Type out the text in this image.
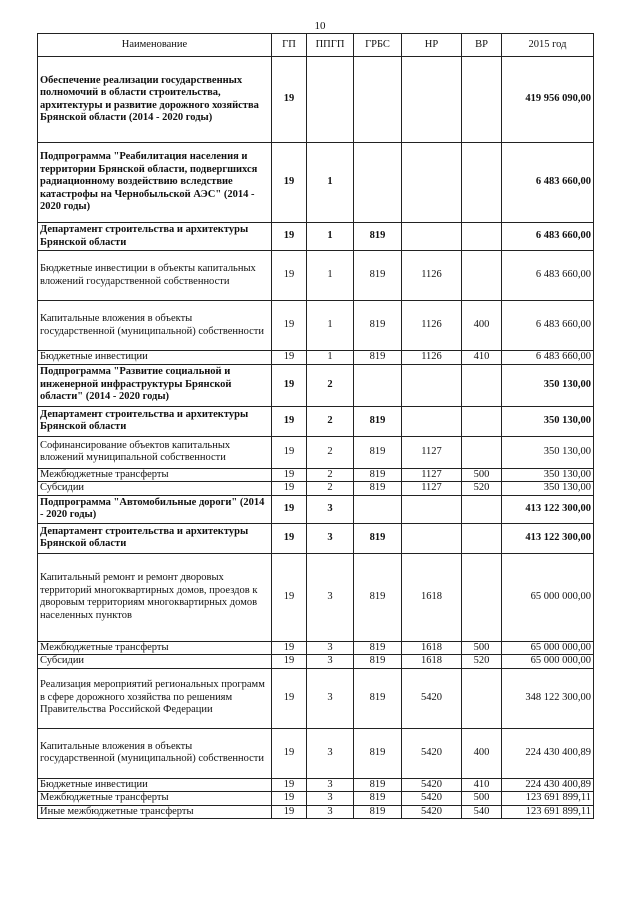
10
Наименование	ГП	ППГП	ГРБС	НР	ВР	2015 год
Обеспечение реализации государственных полномочий в области строительства, архитектуры и развитие дорожного хозяйства Брянской области (2014 - 2020 годы)	19					419 956 090,00
Подпрограмма "Реабилитация населения и территории Брянской области, подвергшихся радиационному воздействию вследствие катастрофы на Чернобыльской АЭС" (2014 - 2020 годы)	19	1				6 483 660,00
Департамент строительства и архитектуры Брянской области	19	1	819			6 483 660,00
Бюджетные инвестиции в объекты капитальных вложений государственной собственности	19	1	819	1126		6 483 660,00
Капитальные вложения в объекты государственной (муниципальной) собственности	19	1	819	1126	400	6 483 660,00
Бюджетные инвестиции	19	1	819	1126	410	6 483 660,00
Подпрограмма "Развитие социальной и инженерной инфраструктуры Брянской области" (2014 - 2020 годы)	19	2				350 130,00
Департамент строительства и архитектуры Брянской области	19	2	819			350 130,00
Софинансирование объектов капитальных вложений муниципальной собственности	19	2	819	1127		350 130,00
Межбюджетные трансферты	19	2	819	1127	500	350 130,00
Субсидии	19	2	819	1127	520	350 130,00
Подпрограмма "Автомобильные дороги" (2014 - 2020 годы)	19	3				413 122 300,00
Департамент строительства и архитектуры Брянской области	19	3	819			413 122 300,00
Капитальный ремонт и ремонт дворовых территорий многоквартирных домов, проездов к дворовым территориям многоквартирных домов населенных пунктов	19	3	819	1618		65 000 000,00
Межбюджетные трансферты	19	3	819	1618	500	65 000 000,00
Субсидии	19	3	819	1618	520	65 000 000,00
Реализация мероприятий региональных программ в сфере дорожного хозяйства по решениям Правительства Российской Федерации	19	3	819	5420		348 122 300,00
Капитальные вложения в объекты государственной (муниципальной) собственности	19	3	819	5420	400	224 430 400,89
Бюджетные инвестиции	19	3	819	5420	410	224 430 400,89
Межбюджетные трансферты	19	3	819	5420	500	123 691 899,11
Иные межбюджетные трансферты	19	3	819	5420	540	123 691 899,11
